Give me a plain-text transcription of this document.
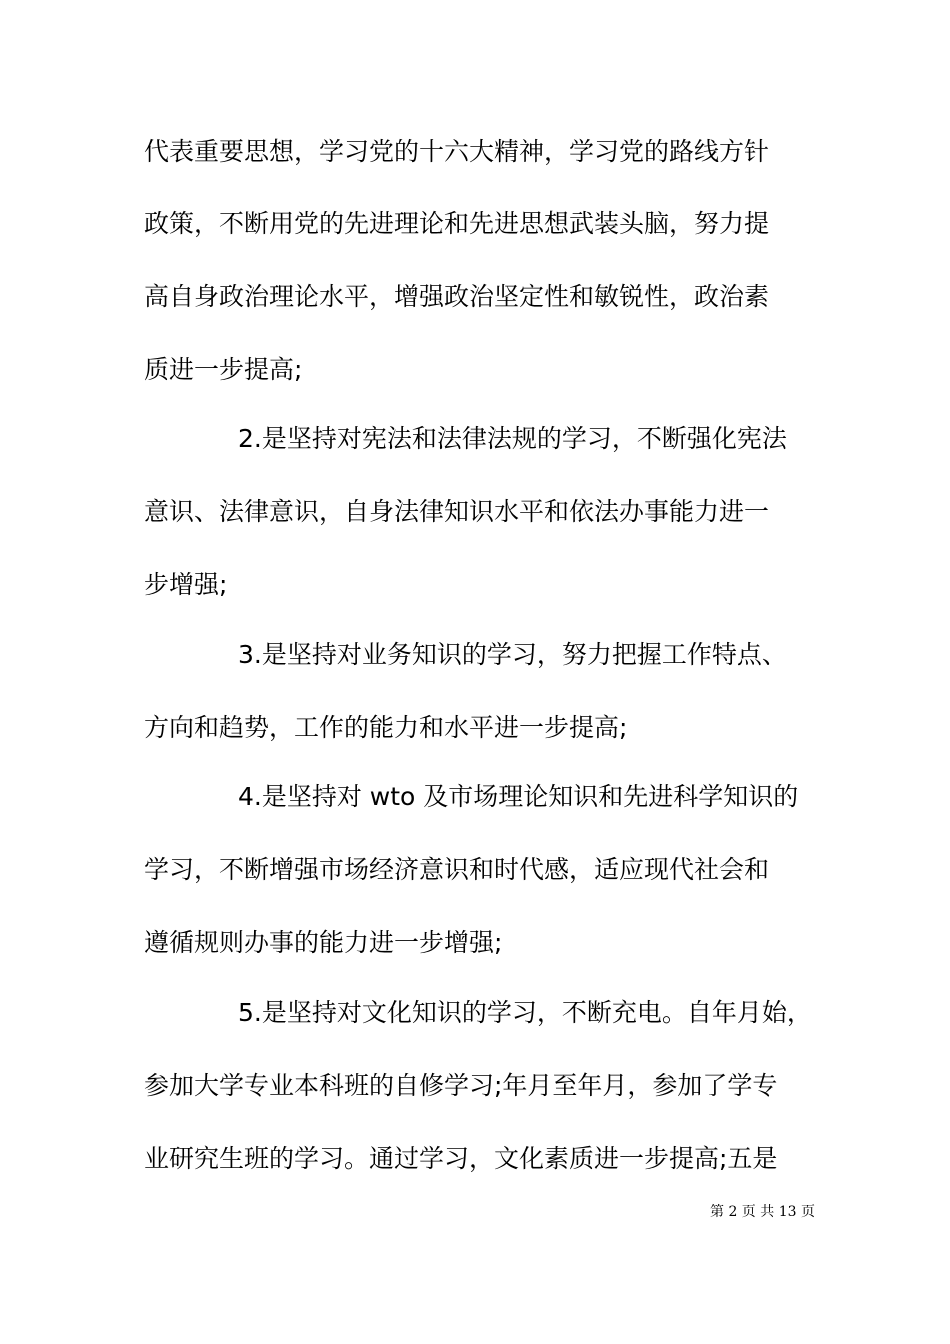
代表重要思想，学习党的十六大精神，学习党的路线方针
政策，不断用党的先进理论和先进思想武装头脑，努力提
高自身政治理论水平，增强政治坚定性和敏锐性，政治素
质进一步提高;
2.是坚持对宪法和法律法规的学习，不断强化宪法
意识、法律意识，自身法律知识水平和依法办事能力进一
步增强;
3.是坚持对业务知识的学习，努力把握工作特点、
方向和趋势，工作的能力和水平进一步提高;
4.是坚持对 wto 及市场理论知识和先进科学知识的
学习，不断增强市场经济意识和时代感，适应现代社会和
遵循规则办事的能力进一步增强;
5.是坚持对文化知识的学习，不断充电。自年月始，
参加大学专业本科班的自修学习;年月至年月，参加了学专
业研究生班的学习。通过学习，文化素质进一步提高;五是
第 2 页 共 13 页
